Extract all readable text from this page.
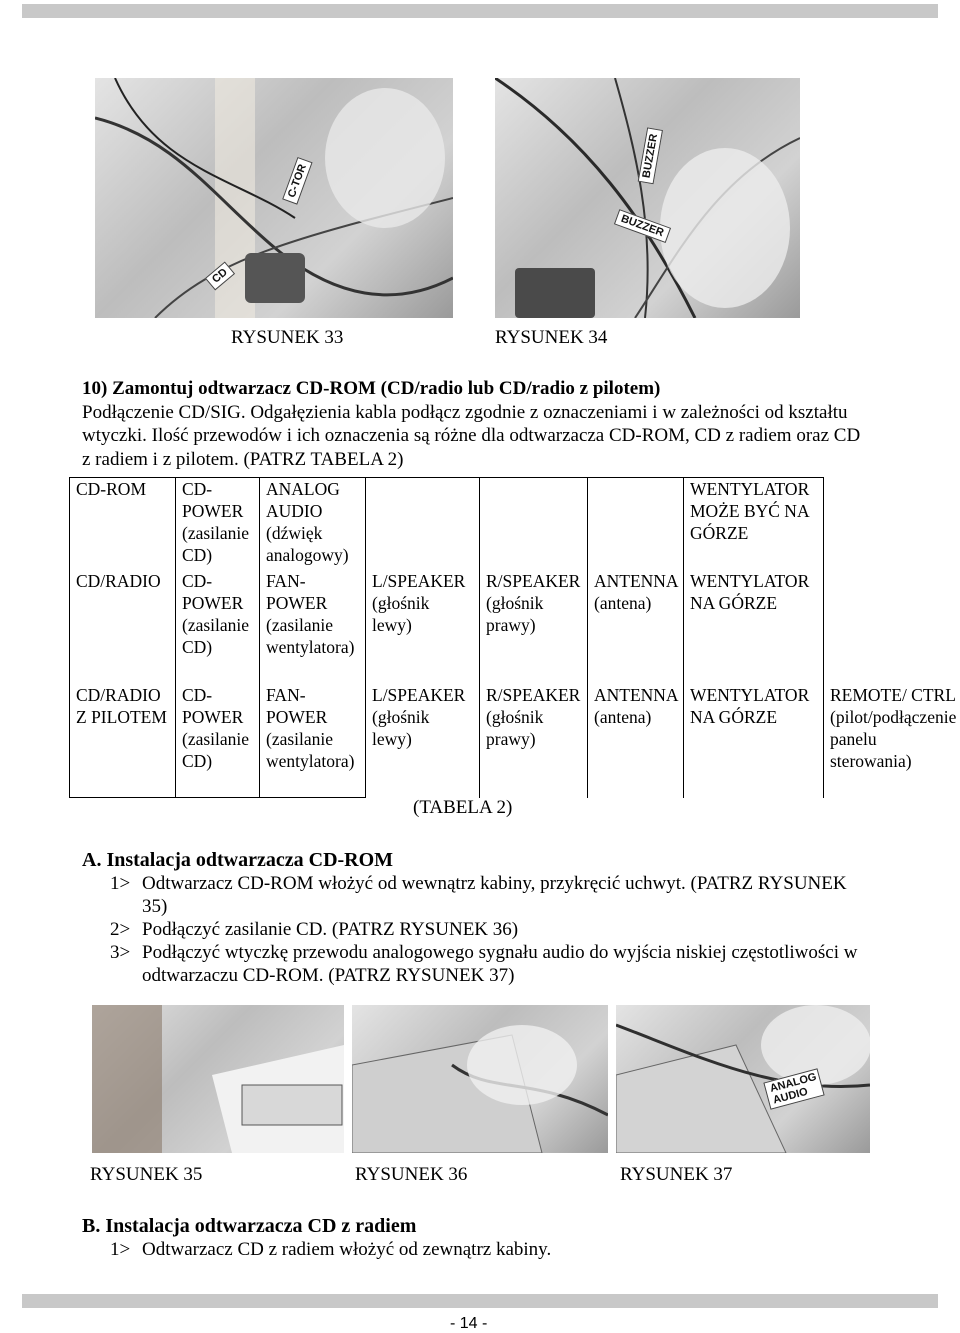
C-TOR
CD
BUZZER
BUZZER
RYSUNEK 33	RYSUNEK 34
10) Zamontuj odtwarzacz CD-ROM (CD/radio lub CD/radio z pilotem)
Podłączenie CD/SIG. Odgałęzienia kabla podłącz zgodnie z oznaczeniami i w zależności od kształtu wtyczki. Ilość przewodów i ich oznaczenia są różne dla odtwarzacza CD-ROM, CD z radiem oraz CD z radiem i z pilotem. (PATRZ TABELA 2)
CD-ROM	CD-POWER (zasilanie CD)	ANALOG AUDIO (dźwięk analogowy)				WENTYLATOR MOŻE BYĆ NA GÓRZE	
CD/RADIO	CD-POWER (zasilanie CD)	FAN-POWER (zasilanie wentylatora)	L/SPEAKER (głośnik lewy)	R/SPEAKER (głośnik prawy)	ANTENNA (antena)	WENTYLATOR NA GÓRZE	
CD/RADIO Z PILOTEM	CD-POWER (zasilanie CD)	FAN-POWER (zasilanie wentylatora)	L/SPEAKER (głośnik lewy)	R/SPEAKER (głośnik prawy)	ANTENNA (antena)	WENTYLATOR NA GÓRZE	REMOTE/ CTRL (pilot/podłączenie panelu sterowania)
(TABELA 2)
A. Instalacja odtwarzacza CD-ROM
1> Odtwarzacz CD-ROM włożyć od wewnątrz kabiny, przykręcić uchwyt. (PATRZ RYSUNEK 35)
2> Podłączyć zasilanie CD. (PATRZ RYSUNEK 36)
3> Podłączyć wtyczkę przewodu analogowego sygnału audio do wyjścia niskiej częstotliwości w odtwarzaczu CD-ROM. (PATRZ RYSUNEK 37)
ANALOG AUDIO
RYSUNEK 35	RYSUNEK 36	RYSUNEK 37
B. Instalacja odtwarzacza CD z radiem
1> Odtwarzacz CD z radiem włożyć od zewnątrz kabiny.
- 14 -
